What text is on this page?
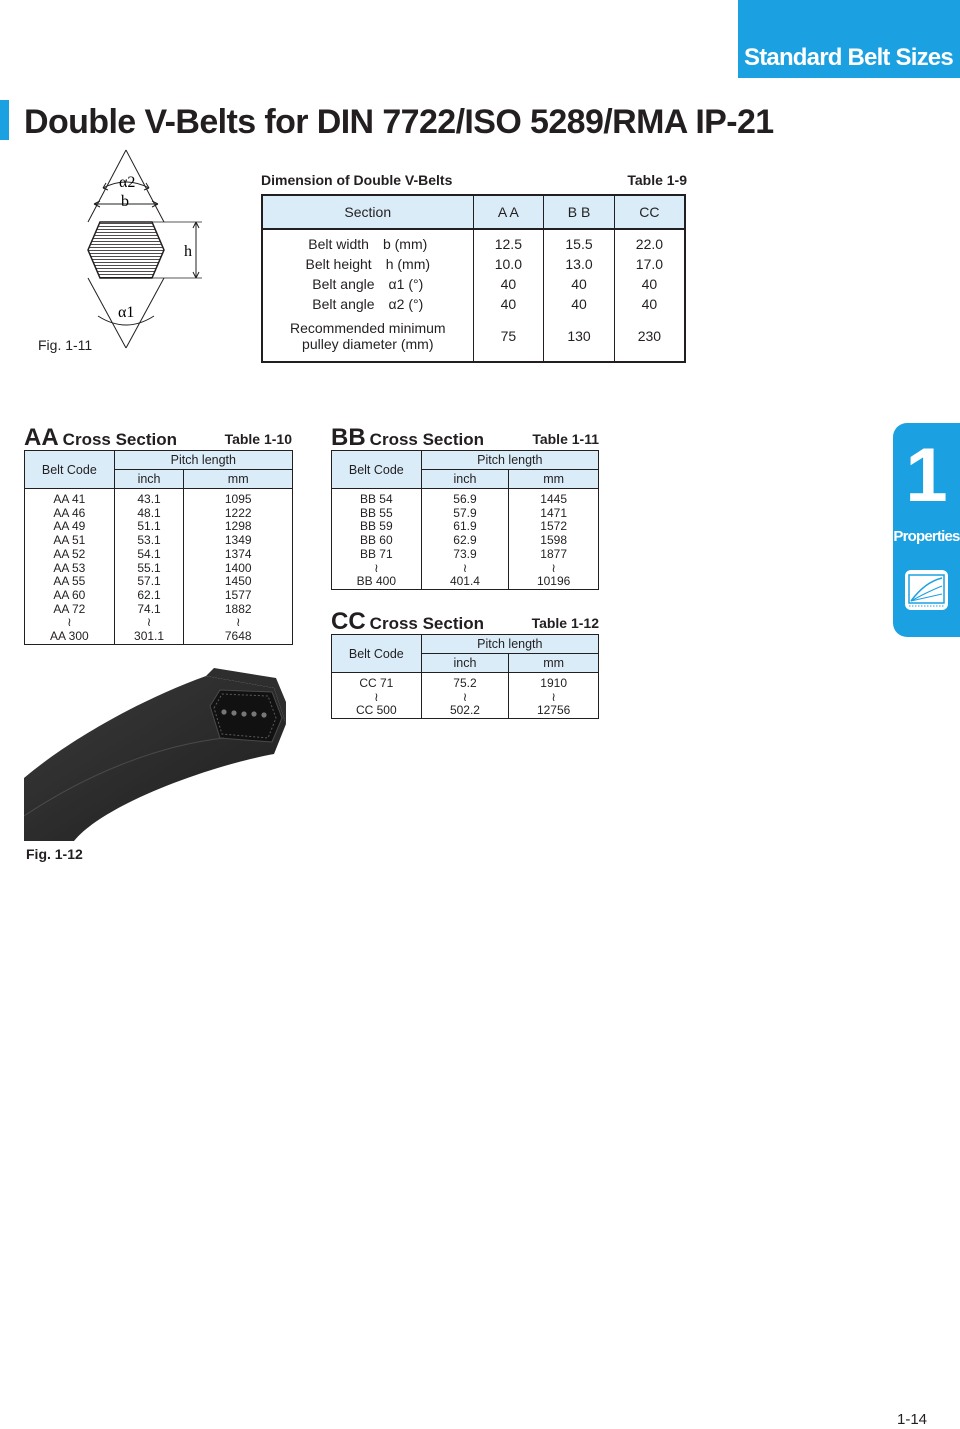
Standard Belt Sizes
Double V-Belts for DIN 7722/ISO 5289/RMA IP-21
α2
b
h
α1
Fig. 1-11
Dimension of Double V-Belts	Table 1-9
Section	A A	B B	CC
Belt width　b (mm)	12.5	15.5	22.0
Belt height　h (mm)	10.0	13.0	17.0
Belt angle　α1 (°)	40	40	40
Belt angle　α2 (°)	40	40	40

Recommended minimum
pulley diameter (mm)	75	130	230
AA Cross Section	Table 1-10
Belt Code	Pitch length	
	inch	mm
AA 41	43.1	1095
AA 46	48.1	1222
AA 49	51.1	1298
AA 51	53.1	1349
AA 52	54.1	1374
AA 53	55.1	1400
AA 55	57.1	1450
AA 60	62.1	1577
AA 72	74.1	1882
≀	≀	≀
AA 300	301.1	7648
BB Cross Section	Table 1-11
Belt Code	Pitch length	
	inch	mm
BB 54	56.9	1445
BB 55	57.9	1471
BB 59	61.9	1572
BB 60	62.9	1598
BB 71	73.9	1877
≀	≀	≀
BB 400	401.4	10196
CC Cross Section	Table 1-12
Belt Code	Pitch length	
	inch	mm
CC 71	75.2	1910
≀	≀	≀
CC 500	502.2	12756
1
Properties
Fig. 1-12
1-14
